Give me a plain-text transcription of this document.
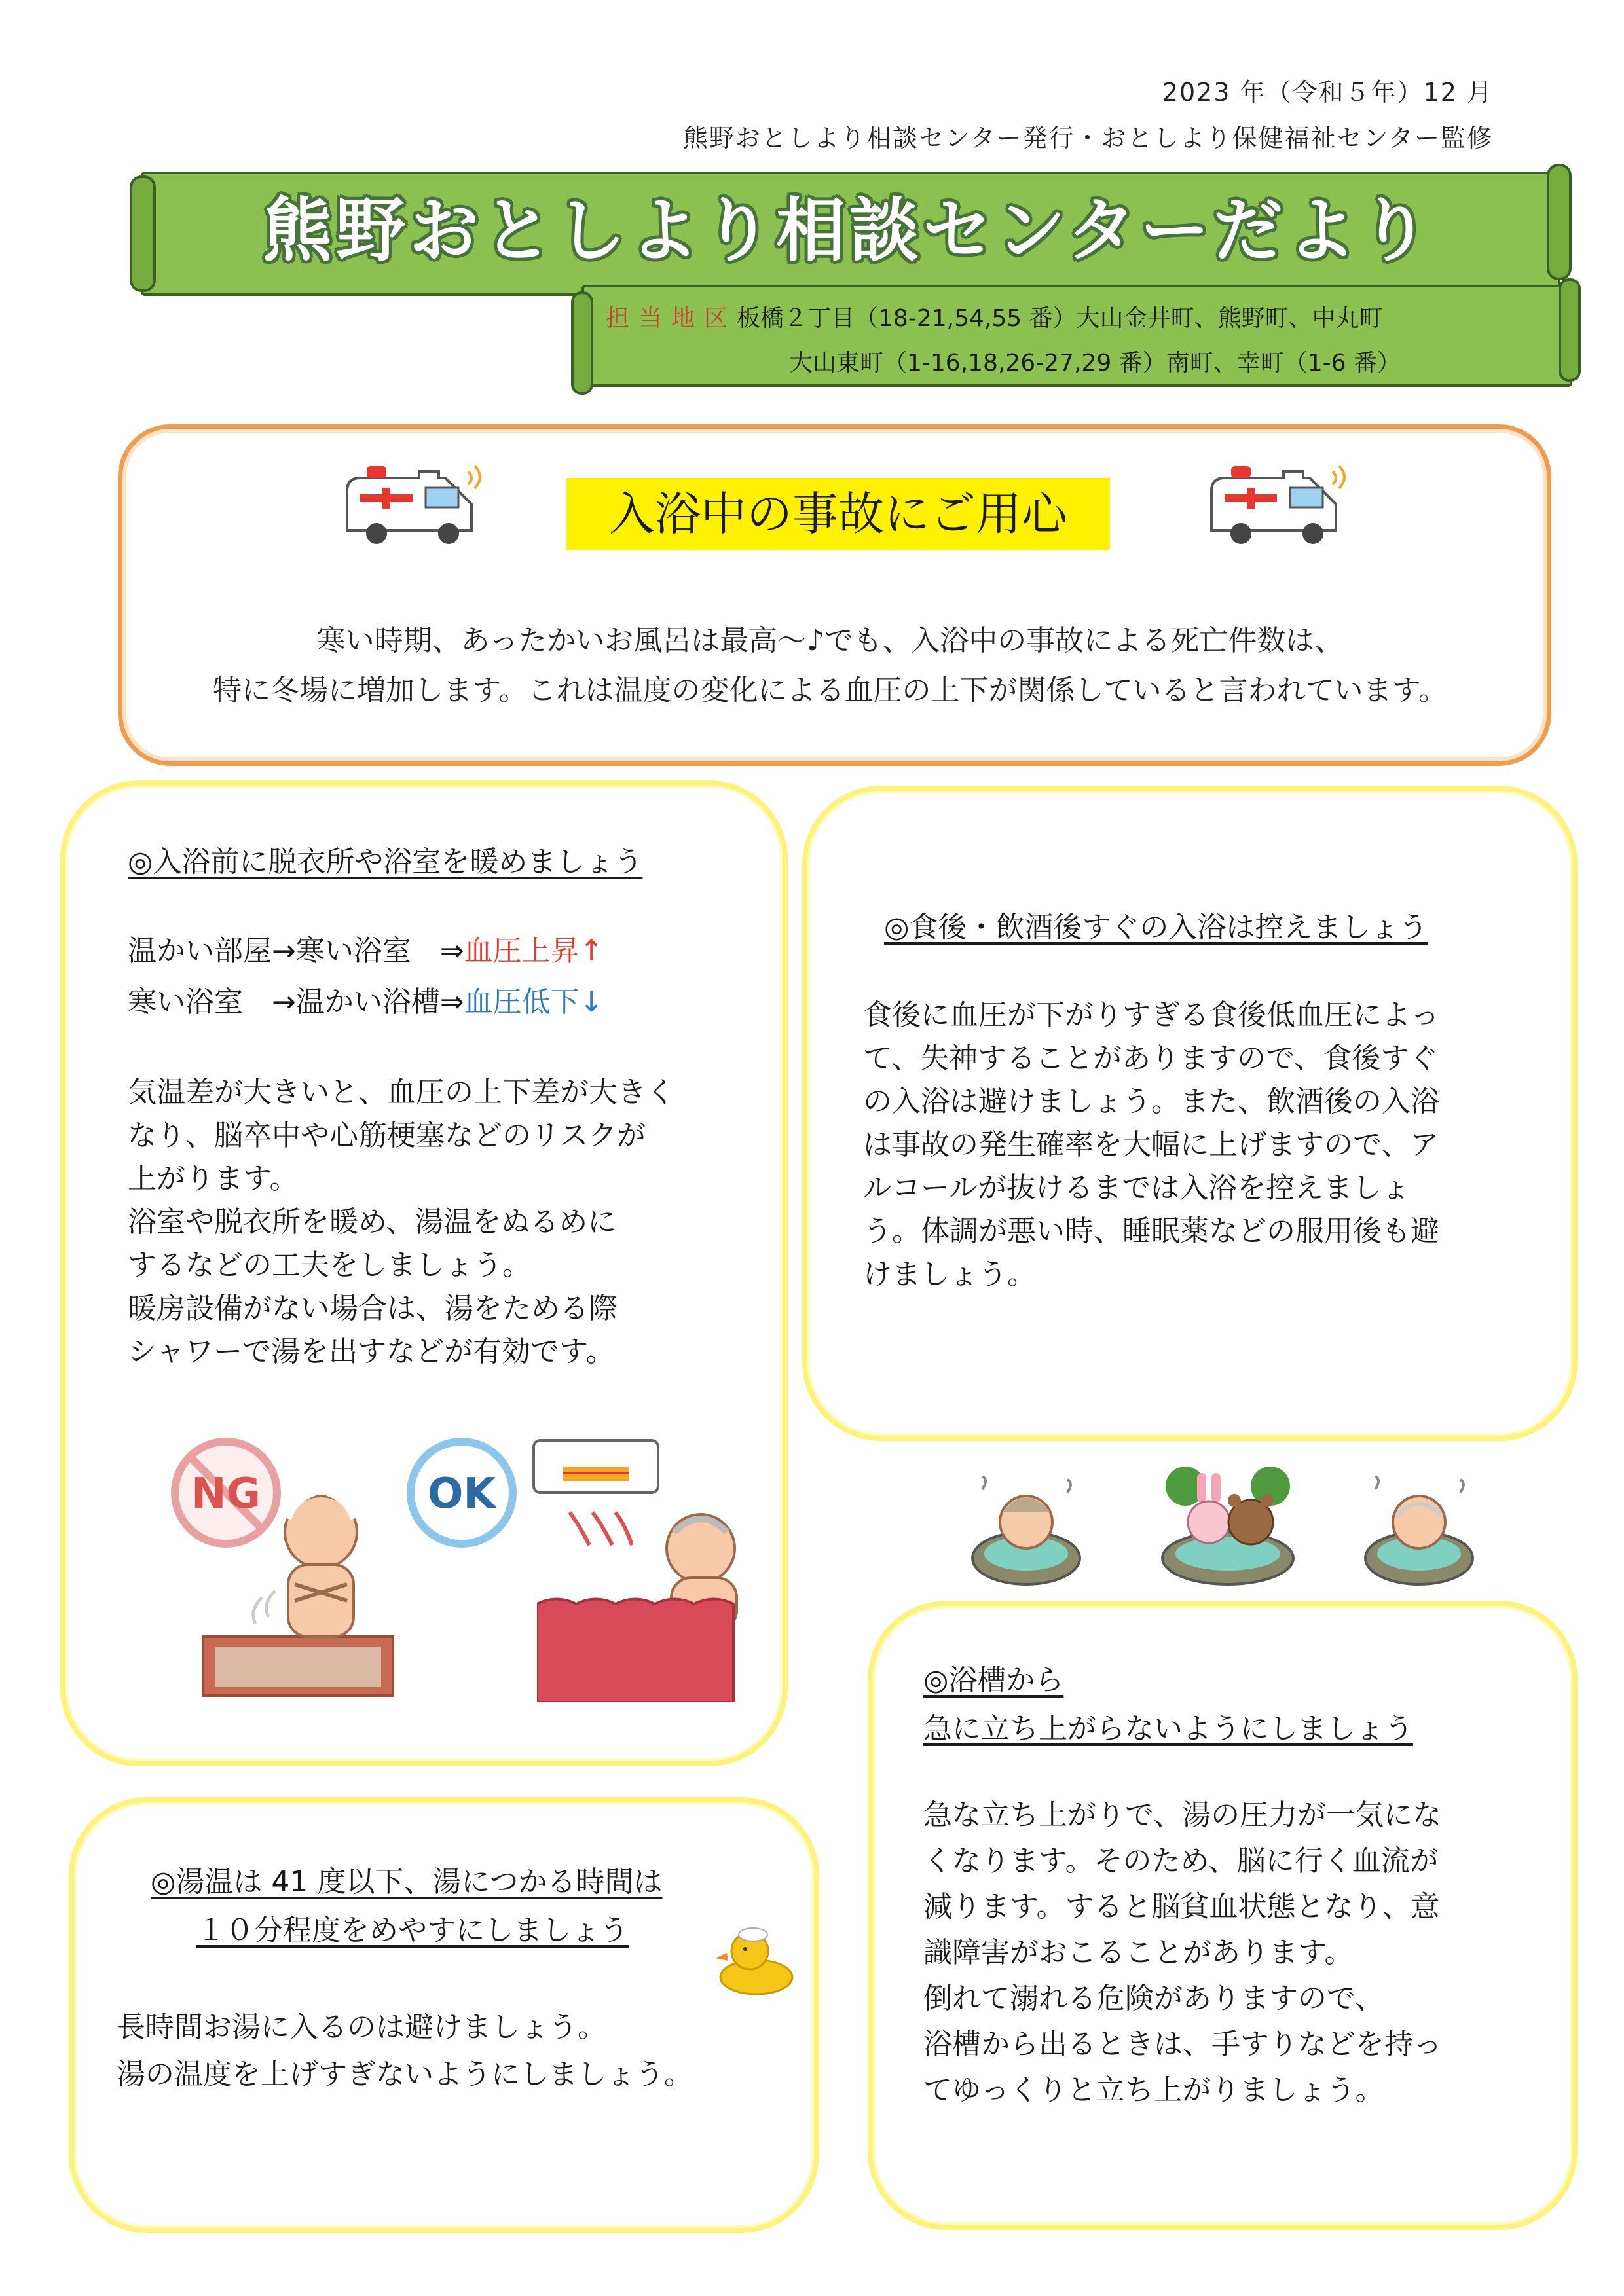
2023 年（令和５年）12 月
熊野おとしより相談センター発行・おとしより保健福祉センター監修
熊野おとしより相談センターだより
担当地区板橋２丁目（18-21,54,55 番）大山金井町、熊野町、中丸町
大山東町（1-16,18,26-27,29 番）南町、幸町（1-6 番）
入浴中の事故にご用心
寒い時期、あったかいお風呂は最高～♪でも、入浴中の事故による死亡件数は、
特に冬場に増加します。これは温度の変化による血圧の上下が関係していると言われています。
◎入浴前に脱衣所や浴室を暖めましょう
温かい部屋→寒い浴室　⇒血圧上昇↑
寒い浴室　→温かい浴槽⇒血圧低下↓
気温差が大きいと、血圧の上下差が大きく
なり、脳卒中や心筋梗塞などのリスクが
上がります。
浴室や脱衣所を暖め、湯温をぬるめに
するなどの工夫をしましょう。
暖房設備がない場合は、湯をためる際
シャワーで湯を出すなどが有効です。
NG	OK
◎食後・飲酒後すぐの入浴は控えましょう
食後に血圧が下がりすぎる食後低血圧によっ
て、失神することがありますので、食後すぐ
の入浴は避けましょう。また、飲酒後の入浴
は事故の発生確率を大幅に上げますので、ア
ルコールが抜けるまでは入浴を控えましょ
う。体調が悪い時、睡眠薬などの服用後も避
けましょう。
◎湯温は 41 度以下、湯につかる時間は
１０分程度をめやすにしましょう
長時間お湯に入るのは避けましょう。
湯の温度を上げすぎないようにしましょう。
◎浴槽から
急に立ち上がらないようにしましょう
急な立ち上がりで、湯の圧力が一気にな
くなります。そのため、脳に行く血流が
減ります。すると脳貧血状態となり、意
識障害がおこることがあります。
倒れて溺れる危険がありますので、
浴槽から出るときは、手すりなどを持っ
てゆっくりと立ち上がりましょう。
